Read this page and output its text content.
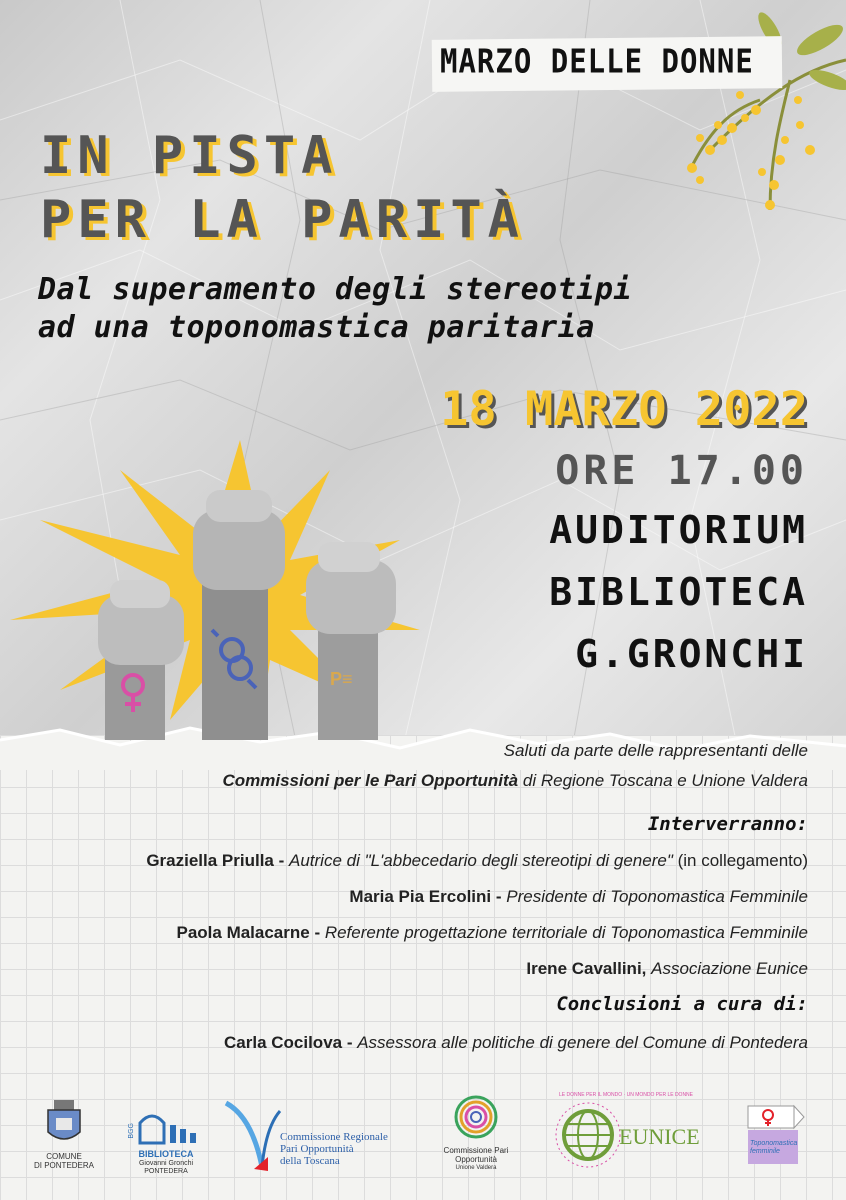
MARZO DELLE DONNE
IN PISTA
PER LA PARITÀ
Dal superamento degli stereotipi
ad una toponomastica paritaria
P≡
18 MARZO 2022
ORE 17.00
AUDITORIUM
BIBLIOTECA
G.GRONCHI
Saluti da parte delle rappresentanti delle
Commissioni per le Pari Opportunità di Regione Toscana e Unione Valdera
Interverranno:
Graziella Priulla - Autrice di "L'abbecedario degli stereotipi di genere" (in collegamento)
Maria Pia Ercolini - Presidente di Toponomastica Femminile
Paola Malacarne - Referente progettazione territoriale di Toponomastica Femminile
Irene Cavallini, Associazione Eunice
Conclusioni a cura di:
Carla Cocilova - Assessora alle politiche di genere del Comune di Pontedera
COMUNE
DI PONTEDERA
BIBLIOTECA
Giovanni Gronchi
PONTEDERA
BGG	Commissione Regionale
Pari Opportunità
della Toscana
Commissione Pari
Opportunità
Unione Valdera
LE DONNE PER IL MONDO · UN MONDO PER LE DONNE
EUNICE	Toponomastica
femminile
